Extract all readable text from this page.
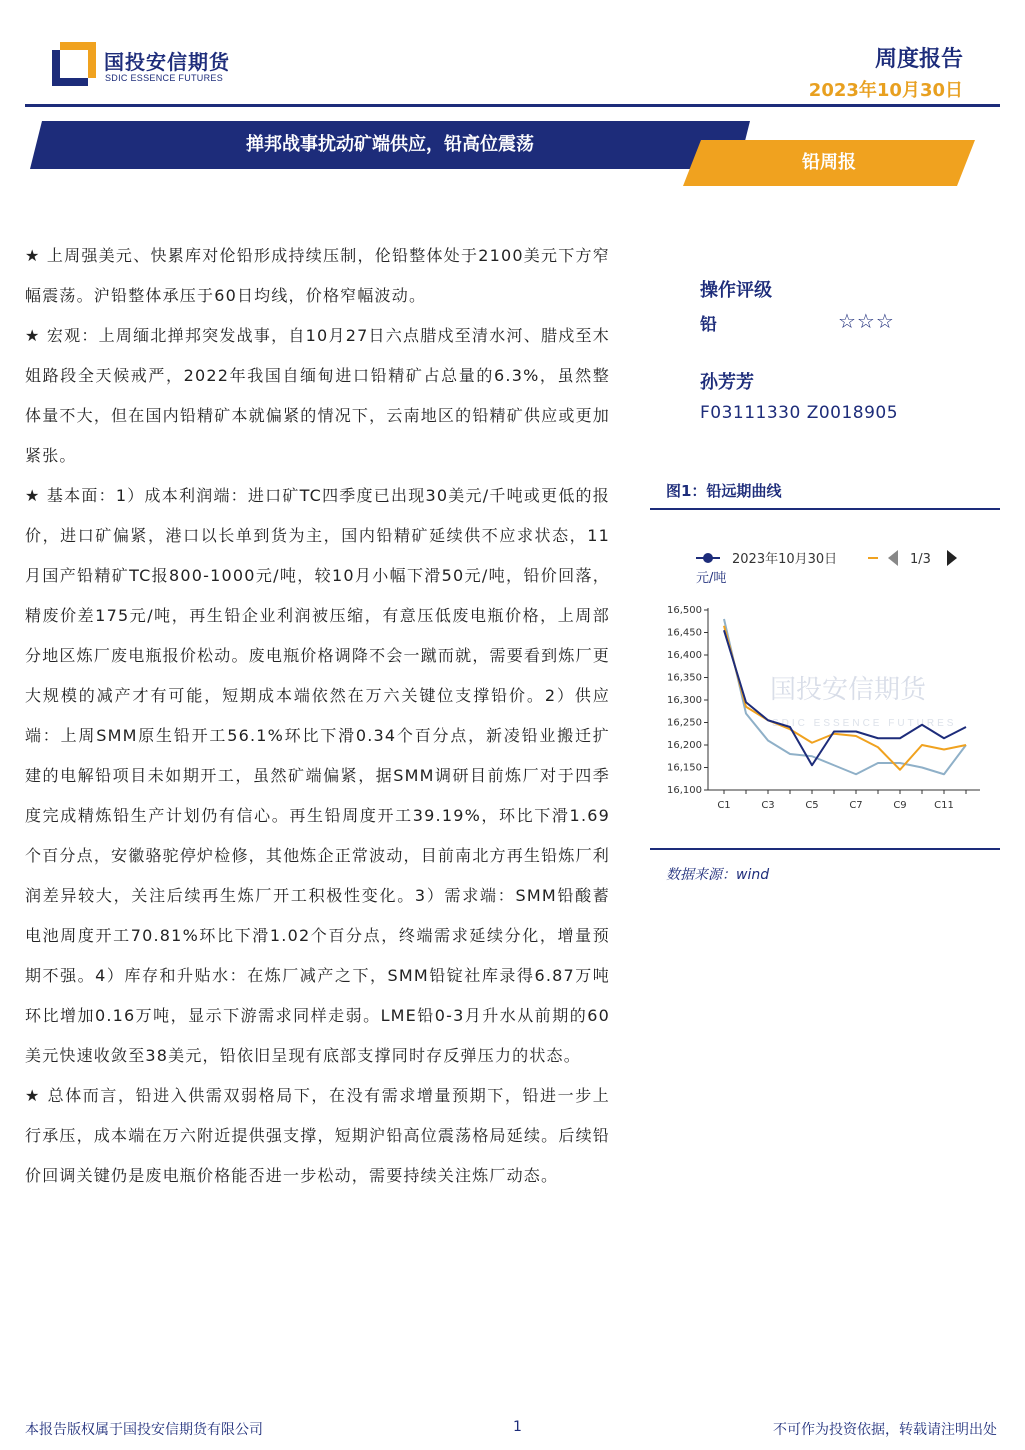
国投安信期货
SDIC ESSENCE FUTURES
周度报告
2023年10月30日
掸邦战事扰动矿端供应，铅高位震荡
铅周报

★ 上周强美元、快累库对伦铅形成持续压制，伦铅整体处于2100美元下方窄幅震荡。沪铅整体承压于60日均线，价格窄幅波动。

★ 宏观：上周缅北掸邦突发战事，自10月27日六点腊戍至清水河、腊戍至木姐路段全天候戒严，2022年我国自缅甸进口铅精矿占总量的6.3%，虽然整体量不大，但在国内铅精矿本就偏紧的情况下，云南地区的铅精矿供应或更加紧张。

★ 基本面：1）成本利润端：进口矿TC四季度已出现30美元/千吨或更低的报价，进口矿偏紧，港口以长单到货为主，国内铅精矿延续供不应求状态，11月国产铅精矿TC报800-1000元/吨，较10月小幅下滑50元/吨，铅价回落，精废价差175元/吨，再生铅企业利润被压缩，有意压低废电瓶价格，上周部分地区炼厂废电瓶报价松动。废电瓶价格调降不会一蹴而就，需要看到炼厂更大规模的减产才有可能，短期成本端依然在万六关键位支撑铅价。2）供应端：上周SMM原生铅开工56.1%环比下滑0.34个百分点，新凌铅业搬迁扩建的电解铅项目未如期开工，虽然矿端偏紧，据SMM调研目前炼厂对于四季度完成精炼铅生产计划仍有信心。再生铅周度开工39.19%，环比下滑1.69个百分点，安徽骆驼停炉检修，其他炼企正常波动，目前南北方再生铅炼厂利润差异较大，关注后续再生炼厂开工积极性变化。3）需求端：SMM铅酸蓄电池周度开工70.81%环比下滑1.02个百分点，终端需求延续分化，增量预期不强。4）库存和升贴水：在炼厂减产之下，SMM铅锭社库录得6.87万吨环比增加0.16万吨，显示下游需求同样走弱。LME铅0-3月升水从前期的60美元快速收敛至38美元，铅依旧呈现有底部支撑同时存反弹压力的状态。

★ 总体而言，铅进入供需双弱格局下，在没有需求增量预期下，铅进一步上行承压，成本端在万六附近提供强支撑，短期沪铅高位震荡格局延续。后续铅价回调关键仍是废电瓶价格能否进一步松动，需要持续关注炼厂动态。

操作评级
铅	☆☆☆
孙芳芳
F03111330 Z0018905
图1：铅远期曲线
2023年10月30日	1/3
元/吨
国投安信期货
SDIC ESSENCE FUTURES
16,500
16,450
16,400
16,350
16,300
16,250
16,200
16,150
16,100
C1	C3	C5	C7	C9	C11
数据来源：wind
本报告版权属于国投安信期货有限公司	1	不可作为投资依据，转载请注明出处
